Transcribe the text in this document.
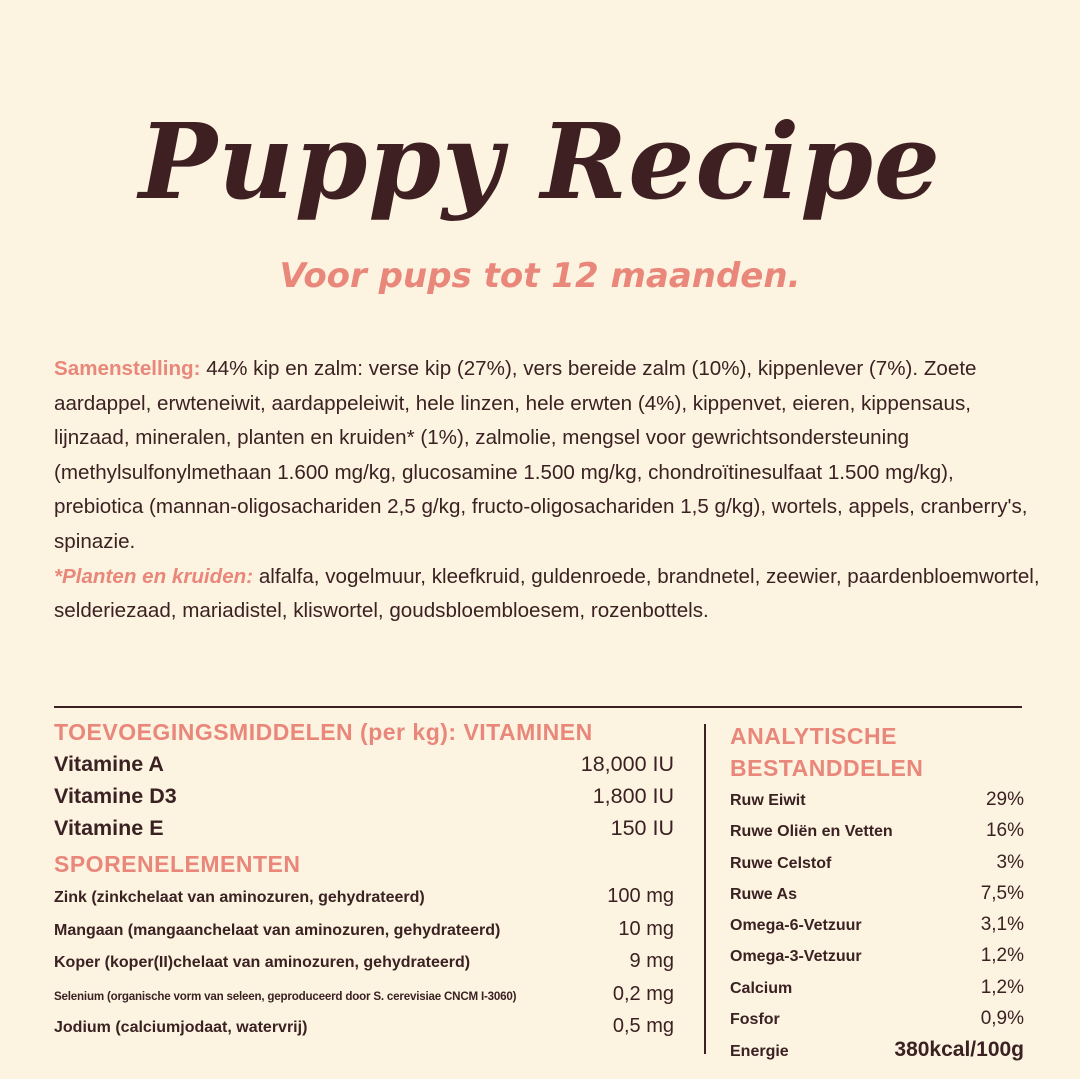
Puppy Recipe
Voor pups tot 12 maanden.

Samenstelling: 44% kip en zalm: verse kip (27%), vers bereide zalm (10%), kippenlever (7%). Zoete aardappel, erwteneiwit, aardappeleiwit, hele linzen, hele erwten (4%), kippenvet, eieren, kippensaus, lijnzaad, mineralen, planten en kruiden* (1%), zalmolie, mengsel voor gewrichtsondersteuning (methylsulfonylmethaan 1.600 mg/kg, glucosamine 1.500 mg/kg, chondroïtinesulfaat 1.500 mg/kg), prebiotica (mannan-oligosachariden 2,5 g/kg, fructo-oligosachariden 1,5 g/kg), wortels, appels, cranberry's, spinazie.
*Planten en kruiden: alfalfa, vogelmuur, kleefkruid, guldenroede, brandnetel, zeewier, paardenbloemwortel, selderiezaad, mariadistel, kliswortel, goudsbloembloesem, rozenbottels.

TOEVOEGINGSMIDDELEN (per kg): VITAMINEN
Vitamine A	18,000 IU
Vitamine D3	1,800 IU
Vitamine E	150 IU
SPORENELEMENTEN
Zink (zinkchelaat van aminozuren, gehydrateerd)	100 mg
Mangaan (mangaanchelaat van aminozuren, gehydrateerd)	10 mg
Koper (koper(II)chelaat van aminozuren, gehydrateerd)	9 mg
Selenium (organische vorm van seleen, geproduceerd door S. cerevisiae CNCM I-3060)	0,2 mg
Jodium (calciumjodaat, watervrij)	0,5 mg
ANALYTISCHE
BESTANDDELEN
Ruw Eiwit	29%
Ruwe Oliën en Vetten	16%
Ruwe Celstof	3%
Ruwe As	7,5%
Omega-6-Vetzuur	3,1%
Omega-3-Vetzuur	1,2%
Calcium	1,2%
Fosfor	0,9%
Energie	380kcal/100g
